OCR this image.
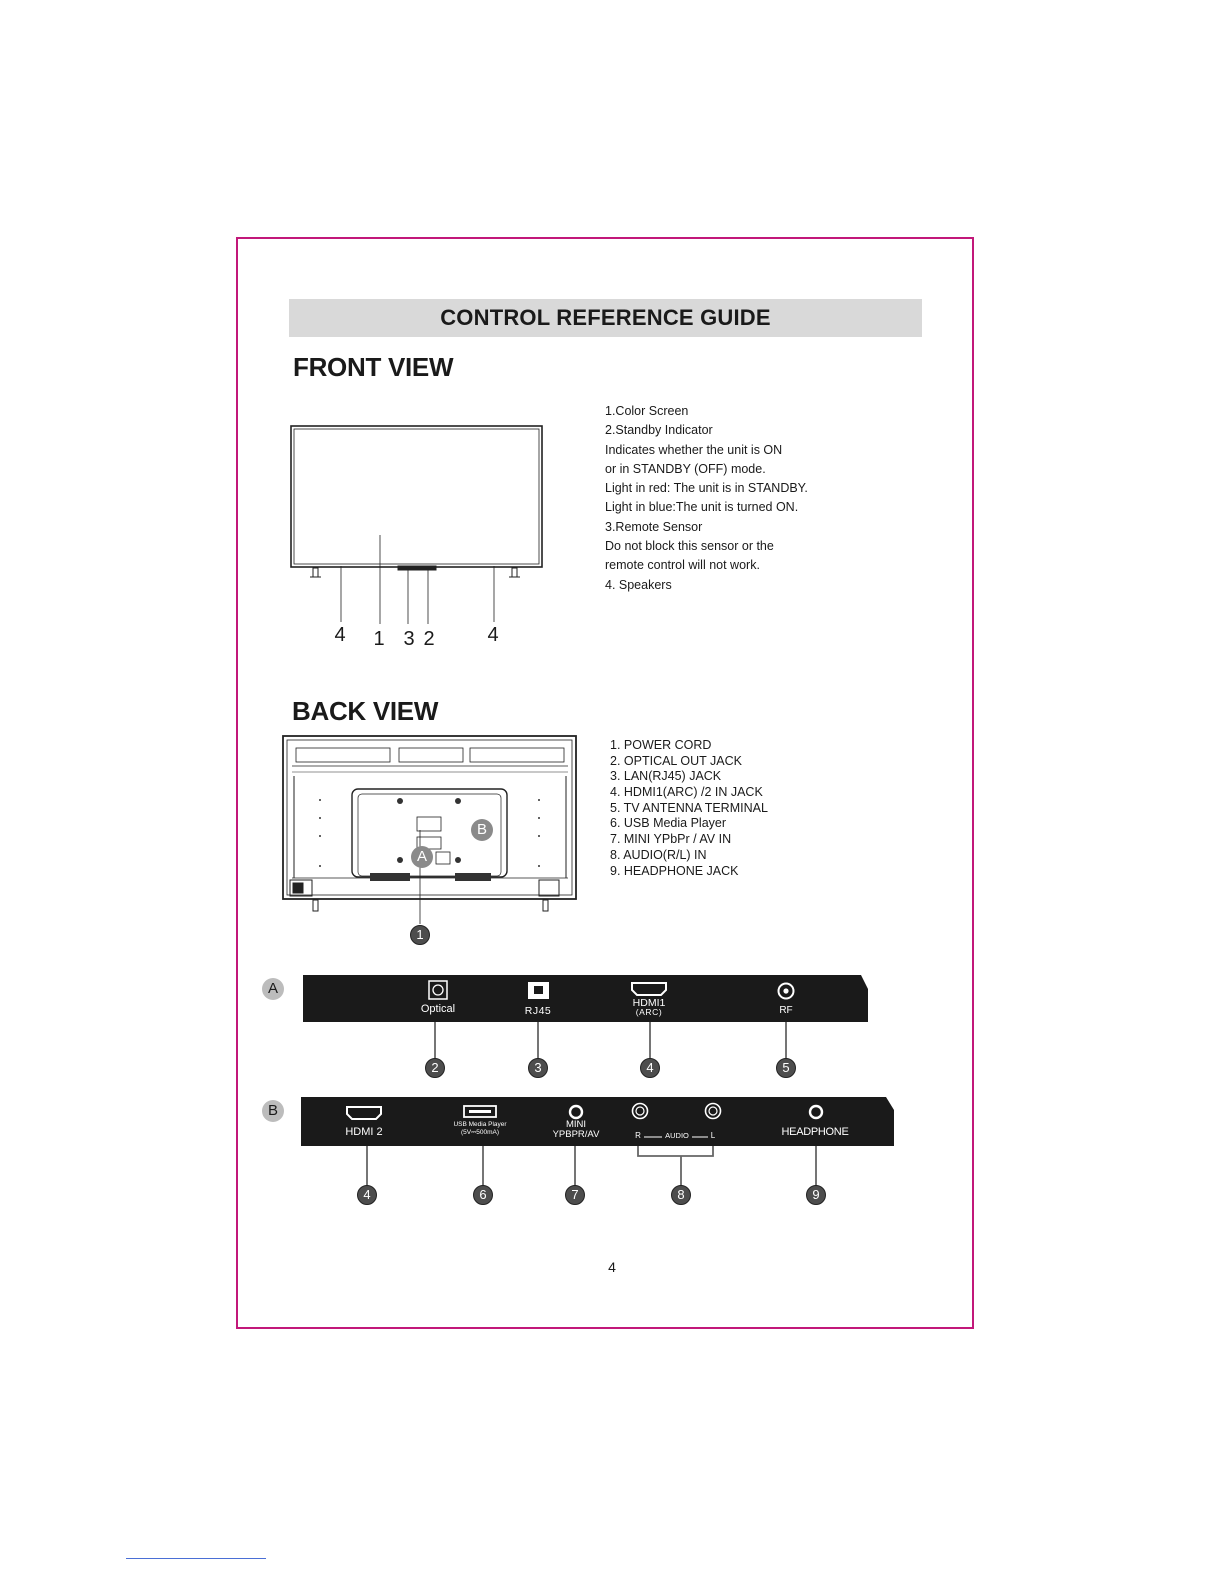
CONTROL REFERENCE GUIDE
FRONT VIEW
1.Color Screen
2.Standby Indicator
Indicates whether the unit is ON
or in STANDBY (OFF) mode.
Light in red: The unit is in STANDBY.
Light in blue:The unit is turned ON.
3.Remote Sensor
Do not block this sensor or the
remote control will not work.
4. Speakers
4 1 3 2	4
BACK VIEW
1. POWER CORD
2. OPTICAL OUT JACK
3. LAN(RJ45) JACK
4. HDMI1(ARC) /2 IN JACK
5. TV ANTENNA TERMINAL
6. USB Media Player
7. MINI YPbPr / AV IN
8. AUDIO(R/L) IN
9. HEADPHONE JACK
A
B
1
A
Optical	RJ45
HDMI1
(ARC)	RF
2	3	4	5
B
HDMI 2
USB Media Player
(5V⎓500mA)
MINI
YPBPR/AV	R	AUDIO	L	HEADPHONE
4	6	7	8	9
4
